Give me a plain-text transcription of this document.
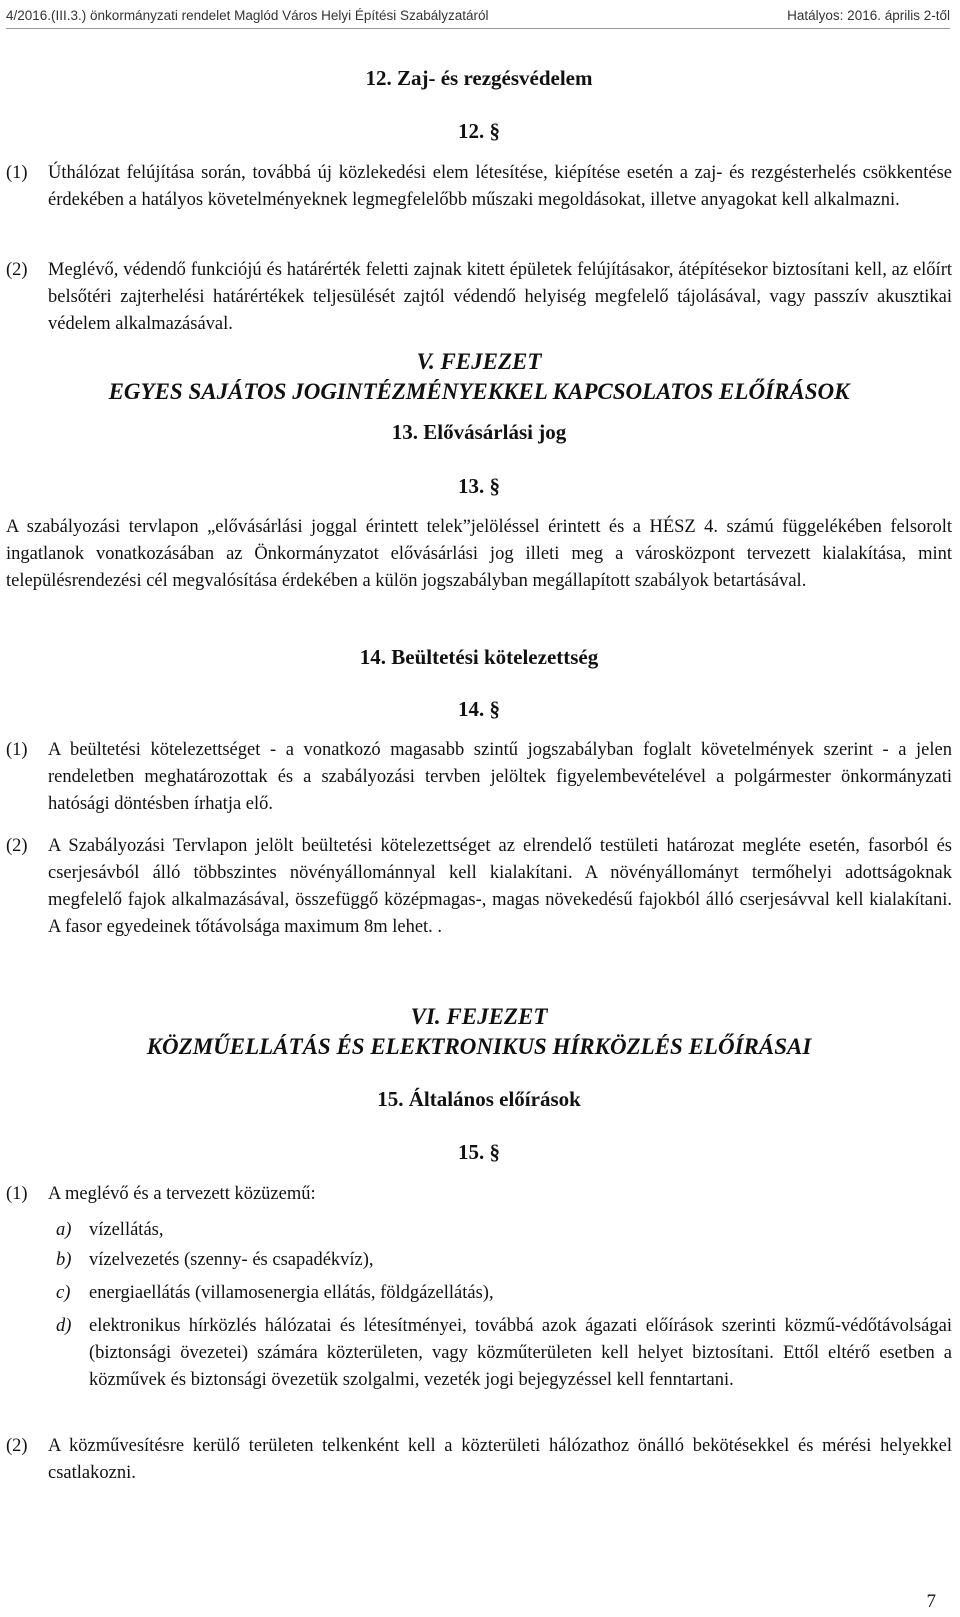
4/2016.(III.3.) önkormányzati rendelet Maglód Város Helyi Építési Szabályzatáról	Hatályos: 2016. április 2-től
12. Zaj- és rezgésvédelem
12. §
(1) Úthálózat felújítása során, továbbá új közlekedési elem létesítése, kiépítése esetén a zaj- és rezgésterhelés csökkentése érdekében a hatályos követelményeknek legmegfelelőbb műszaki megoldásokat, illetve anyagokat kell alkalmazni.
(2) Meglévő, védendő funkciójú és határérték feletti zajnak kitett épületek felújításakor, átépítésekor biztosítani kell, az előírt belsőtéri zajterhelési határértékek teljesülését zajtól védendő helyiség megfelelő tájolásával, vagy passzív akusztikai védelem alkalmazásával.
V. FEJEZET
EGYES SAJÁTOS JOGINTÉZMÉNYEKKEL KAPCSOLATOS ELŐÍRÁSOK
13. Elővásárlási jog
13. §
A szabályozási tervlapon „elővásárlási joggal érintett telek”jelöléssel érintett és a HÉSZ 4. számú függelékében felsorolt ingatlanok vonatkozásában az Önkormányzatot elővásárlási jog illeti meg a városközpont tervezett kialakítása, mint településrendezési cél megvalósítása érdekében a külön jogszabályban megállapított szabályok betartásával.
14. Beültetési kötelezettség
14. §
(1) A beültetési kötelezettséget - a vonatkozó magasabb szintű jogszabályban foglalt követelmények szerint - a jelen rendeletben meghatározottak és a szabályozási tervben jelöltek figyelembevételével a polgármester önkormányzati hatósági döntésben írhatja elő.
(2) A Szabályozási Tervlapon jelölt beültetési kötelezettséget az elrendelő testületi határozat megléte esetén, fasorból és cserjesávból álló többszintes növényállománnyal kell kialakítani. A növényállományt termőhelyi adottságoknak megfelelő fajok alkalmazásával, összefüggő középmagas-, magas növekedésű fajokból álló cserjesávval kell kialakítani. A fasor egyedeinek tőtávolsága maximum 8m lehet. .
VI. FEJEZET
KÖZMŰELLÁTÁS ÉS ELEKTRONIKUS HÍRKÖZLÉS ELŐÍRÁSAI
15. Általános előírások
15. §
(1) A meglévő és a tervezett közüzemű:
a) vízellátás,
b) vízelvezetés (szenny- és csapadékvíz),
c) energiaellátás (villamosenergia ellátás, földgázellátás),
d) elektronikus hírközlés hálózatai és létesítményei, továbbá azok ágazati előírások szerinti közmű-védőtávolságai (biztonsági övezetei) számára közterületen, vagy közműterületen kell helyet biztosítani. Ettől eltérő esetben a közművek és biztonsági övezetük szolgalmi, vezeték jogi bejegyzéssel kell fenntartani.
(2) A közművesítésre kerülő területen telkenként kell a közterületi hálózathoz önálló bekötésekkel és mérési helyekkel csatlakozni.
7
